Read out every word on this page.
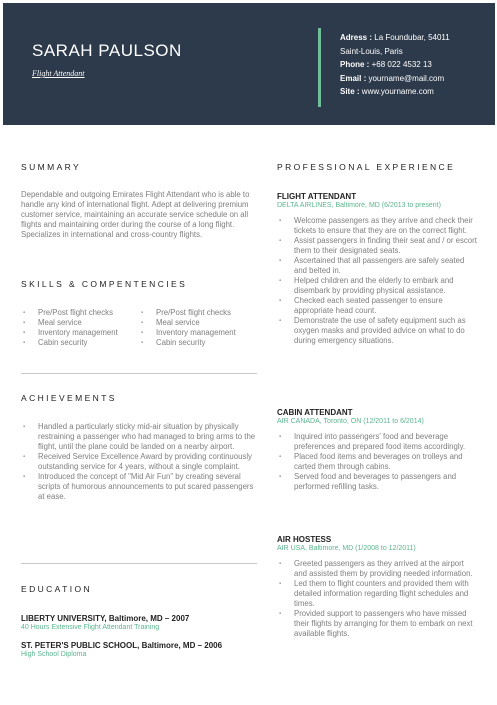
SARAH PAULSON
Flight Attendant
Adress : La Foundubar, 54011
Saint-Louis, Paris
Phone : +68 022 4532 13
Email : yourname@mail.com
Site : www.yourname.com
SUMMARY
Dependable and outgoing Emirates Flight Attendant who is able to handle any kind of international flight. Adept at delivering premium customer service, maintaining an accurate service schedule on all flights and maintaining order during the course of a long flight. Specializes in international and cross-country flights.
SKILLS & COMPENTENCIES
▪ Pre/Post flight checks
▪ Meal service
▪ Inventory management
▪ Cabin security
▪ Pre/Post flight checks
▪ Meal service
▪ Inventory management
▪ Cabin security
ACHIEVEMENTS
▪ Handled a particularly sticky mid-air situation by physically restraining a passenger who had managed to bring arms to the flight, until the plane could be landed on a nearby airport.
▪ Received Service Excellence Award by providing continuously outstanding service for 4 years, without a single complaint.
▪ Introduced the concept of "Mid Air Fun" by creating several scripts of humorous announcements to put scared passengers at ease.
EDUCATION
LIBERTY UNIVERSITY, Baltimore, MD – 2007
40 Hours Extensive Flight Attendant Training
ST. PETER'S PUBLIC SCHOOL, Baltimore, MD – 2006
High School Diploma
PROFESSIONAL EXPERIENCE
FLIGHT ATTENDANT
DELTA AIRLINES, Baltimore, MD (6/2013 to present)
▪ Welcome passengers as they arrive and check their tickets to ensure that they are on the correct flight.
▪ Assist passengers in finding their seat and / or escort them to their designated seats.
▪ Ascertained that all passengers are safely seated and belted in.
▪ Helped children and the elderly to embark and disembark by providing physical assistance.
▪ Checked each seated passenger to ensure appropriate head count.
▪ Demonstrate the use of safety equipment such as oxygen masks and provided advice on what to do during emergency situations.
CABIN ATTENDANT
AIR CANADA, Toronto, ON (12/2011 to 6/2014)
▪ Inquired into passengers' food and beverage preferences and prepared food items accordingly.
▪ Placed food items and beverages on trolleys and carted them through cabins.
▪ Served food and beverages to passengers and performed refilling tasks.
AIR HOSTESS
AIR USA, Baltimore, MD (1/2008 to 12/2011)
▪ Greeted passengers as they arrived at the airport and assisted them by providing needed information.
▪ Led them to flight counters and provided them with detailed information regarding flight schedules and times.
▪ Provided support to passengers who have missed their flights by arranging for them to embark on next available flights.
